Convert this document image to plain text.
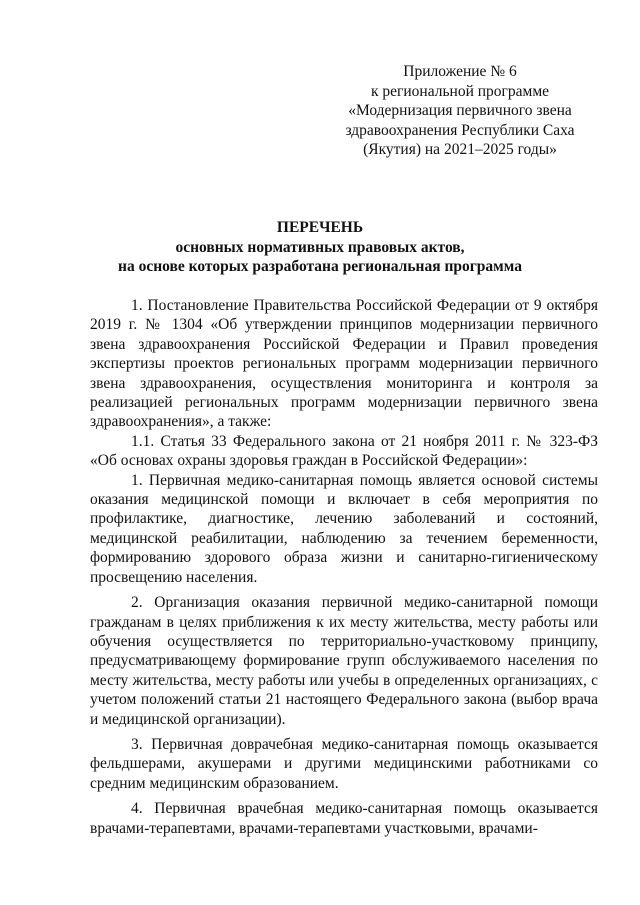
Приложение № 6
к региональной программе
«Модернизация первичного звена
здравоохранения Республики Саха
(Якутия) на 2021–2025 годы»
ПЕРЕЧЕНЬ
основных нормативных правовых актов,
на основе которых разработана региональная программа

1. Постановление Правительства Российской Федерации от 9 октября 2019 г. № 1304 «Об утверждении принципов модернизации первичного звена здравоохранения Российской Федерации и Правил проведения экспертизы проектов региональных программ модернизации первичного звена здравоохранения, осуществления мониторинга и контроля за реализацией региональных программ модернизации первичного звена здравоохранения», а также:

1.1. Статья 33 Федерального закона от 21 ноября 2011 г. № 323-ФЗ «Об основах охраны здоровья граждан в Российской Федерации»:

1. Первичная медико-санитарная помощь является основой системы оказания медицинской помощи и включает в себя мероприятия по профилактике, диагностике, лечению заболеваний и состояний, медицинской реабилитации, наблюдению за течением беременности, формированию здорового образа жизни и санитарно-гигиеническому просвещению населения.

2. Организация оказания первичной медико-санитарной помощи гражданам в целях приближения к их месту жительства, месту работы или обучения осуществляется по территориально-участковому принципу, предусматривающему формирование групп обслуживаемого населения по месту жительства, месту работы или учебы в определенных организациях, с учетом положений статьи 21 настоящего Федерального закона (выбор врача и медицинской организации).

3. Первичная доврачебная медико-санитарная помощь оказывается фельдшерами, акушерами и другими медицинскими работниками со средним медицинским образованием.

4. Первичная врачебная медико-санитарная помощь оказывается врачами-терапевтами, врачами-терапевтами участковыми, врачами-
